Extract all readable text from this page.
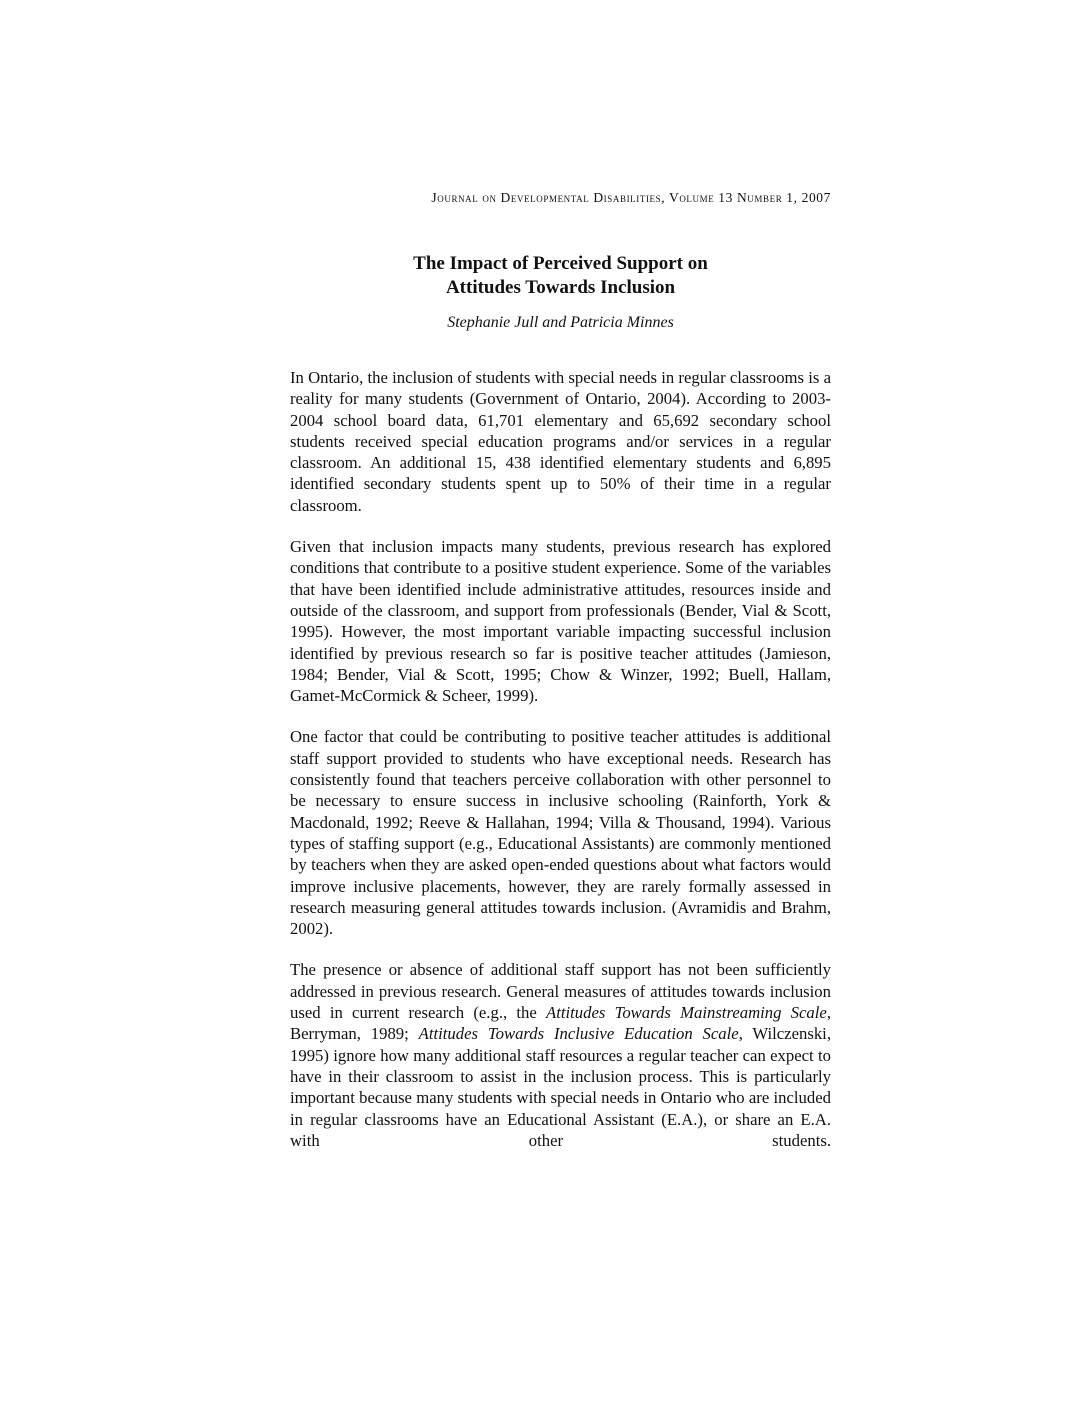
Journal on Developmental Disabilities, Volume 13 Number 1, 2007

The Impact of Perceived Support on

Attitudes Towards Inclusion

Stephanie Jull and Patricia Minnes

In Ontario, the inclusion of students with special needs in regular classrooms is a reality for many students (Government of Ontario, 2004). According to 2003-2004 school board data, 61,701 elementary and 65,692 secondary school students received special education programs and/or services in a regular classroom. An additional 15, 438 identified elementary students and 6,895 identified secondary students spent up to 50% of their time in a regular classroom.

Given that inclusion impacts many students, previous research has explored conditions that contribute to a positive student experience. Some of the variables that have been identified include administrative attitudes, resources inside and outside of the classroom, and support from professionals (Bender, Vial & Scott, 1995). However, the most important variable impacting successful inclusion identified by previous research so far is positive teacher attitudes (Jamieson, 1984; Bender, Vial & Scott, 1995; Chow & Winzer, 1992; Buell, Hallam, Gamet-McCormick & Scheer, 1999).

One factor that could be contributing to positive teacher attitudes is additional staff support provided to students who have exceptional needs. Research has consistently found that teachers perceive collaboration with other personnel to be necessary to ensure success in inclusive schooling (Rainforth, York & Macdonald, 1992; Reeve & Hallahan, 1994; Villa & Thousand, 1994). Various types of staffing support (e.g., Educational Assistants) are commonly mentioned by teachers when they are asked open-ended questions about what factors would improve inclusive placements, however, they are rarely formally assessed in research measuring general attitudes towards inclusion. (Avramidis and Brahm, 2002).

The presence or absence of additional staff support has not been sufficiently addressed in previous research. General measures of attitudes towards inclusion used in current research (e.g., the Attitudes Towards Mainstreaming Scale, Berryman, 1989; Attitudes Towards Inclusive Education Scale, Wilczenski, 1995) ignore how many additional staff resources a regular teacher can expect to have in their classroom to assist in the inclusion process. This is particularly important because many students with special needs in Ontario who are included in regular classrooms have an Educational Assistant (E.A.), or share an E.A. with other students.
